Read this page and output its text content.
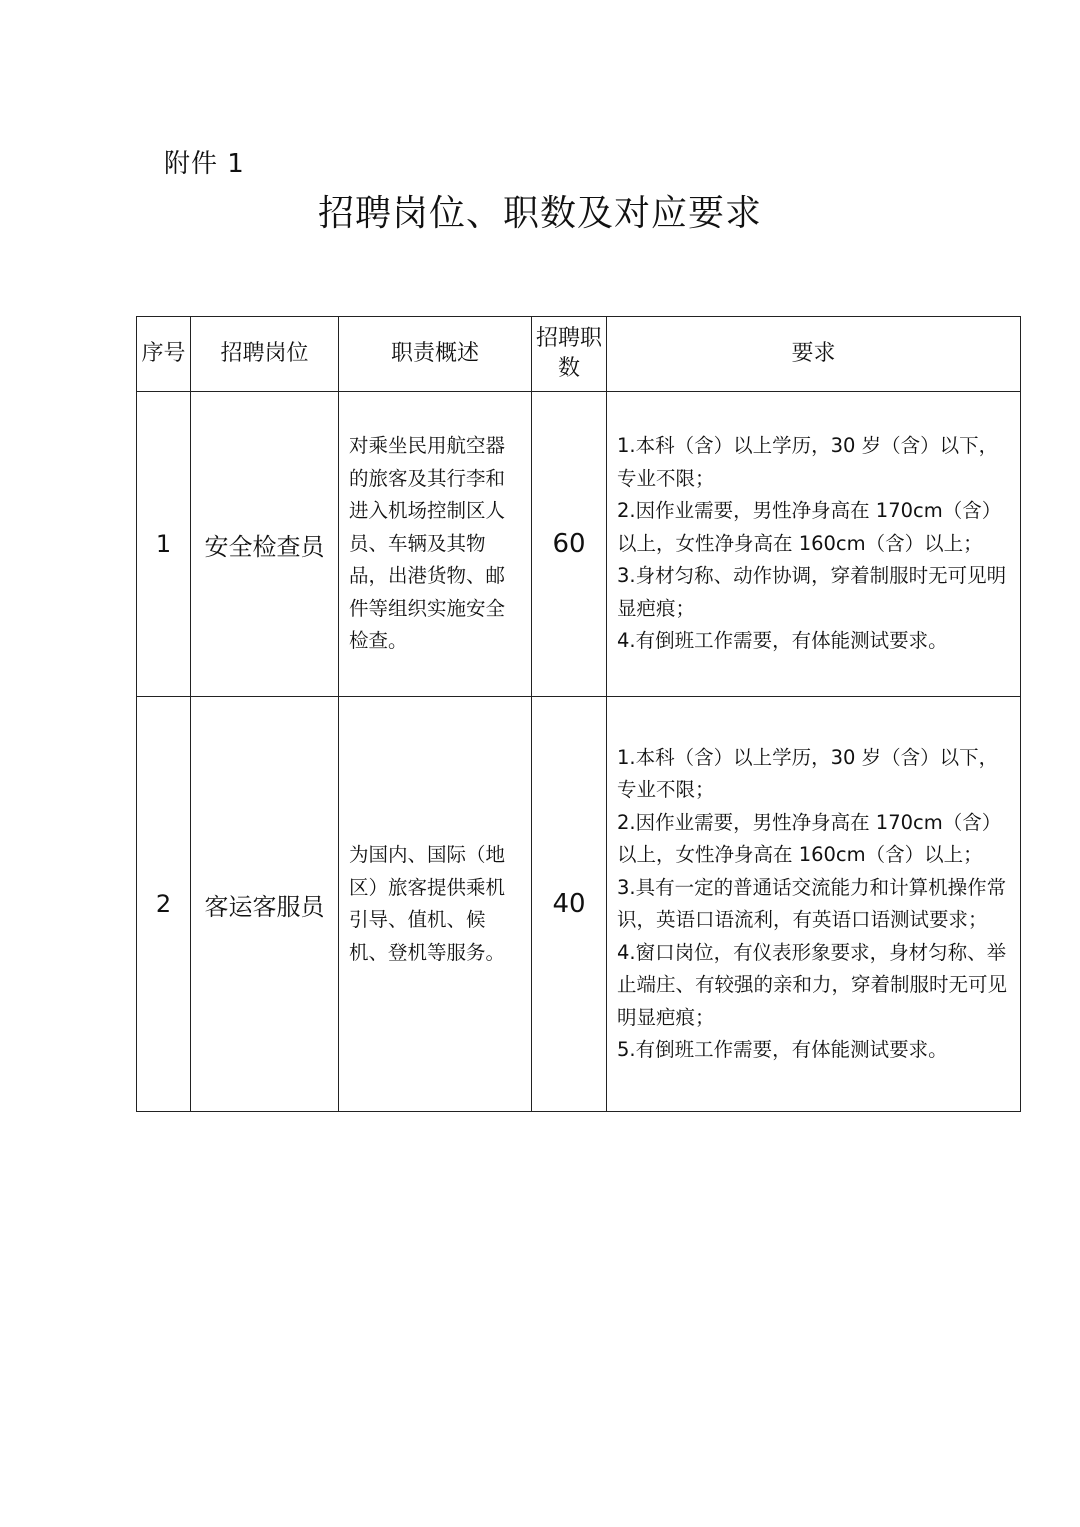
附件 1
招聘岗位、职数及对应要求
序号	招聘岗位	职责概述	招聘职数	要求
1	安全检查员	对乘坐民用航空器的旅客及其行李和进入机场控制区人员、车辆及其物品，出港货物、邮件等组织实施安全检查。	60	1.本科（含）以上学历，30 岁（含）以下，专业不限；
2.因作业需要，男性净身高在 170cm（含）以上，女性净身高在 160cm（含）以上；
3.身材匀称、动作协调，穿着制服时无可见明显疤痕；
4.有倒班工作需要，有体能测试要求。

2	客运客服员	为国内、国际（地区）旅客提供乘机引导、值机、候机、登机等服务。	40	1.本科（含）以上学历，30 岁（含）以下，专业不限；
2.因作业需要，男性净身高在 170cm（含）以上，女性净身高在 160cm（含）以上；
3.具有一定的普通话交流能力和计算机操作常识，英语口语流利，有英语口语测试要求；
4.窗口岗位，有仪表形象要求，身材匀称、举止端庄、有较强的亲和力，穿着制服时无可见明显疤痕；
5.有倒班工作需要，有体能测试要求。
